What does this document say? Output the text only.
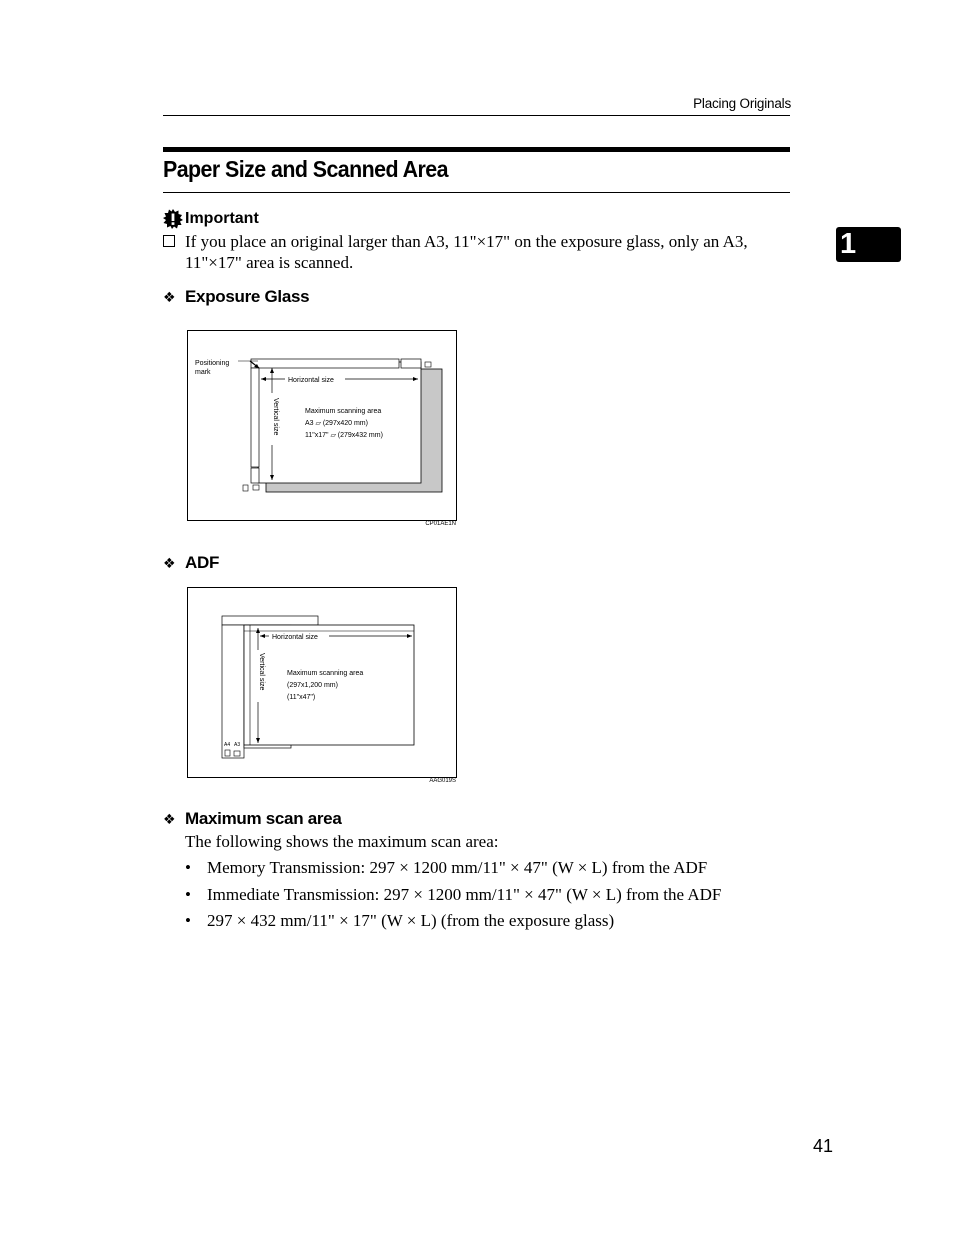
Placing Originals
Paper Size and Scanned Area
1
Important
If you place an original larger than A3, 11"×17" on the exposure glass, only an A3, 11"×17" area is scanned.
❖ Exposure Glass
Positioning
mark
Horizontal size
Vertical size	Maximum scanning area
A3 ▱ (297x420 mm)
11"x17" ▱ (279x432 mm)
CP01AE1N
❖ ADF
Horizontal size
Vertical size	Maximum scanning area
(297x1,200 mm)
(11"x47")
A4 A3
AAG019S
❖ Maximum scan area
The following shows the maximum scan area:
• Memory Transmission: 297 × 1200 mm/11" × 47" (W × L) from the ADF
• Immediate Transmission: 297 × 1200 mm/11" × 47" (W × L) from the ADF
• 297 × 432 mm/11" × 17" (W × L) (from the exposure glass)
41
